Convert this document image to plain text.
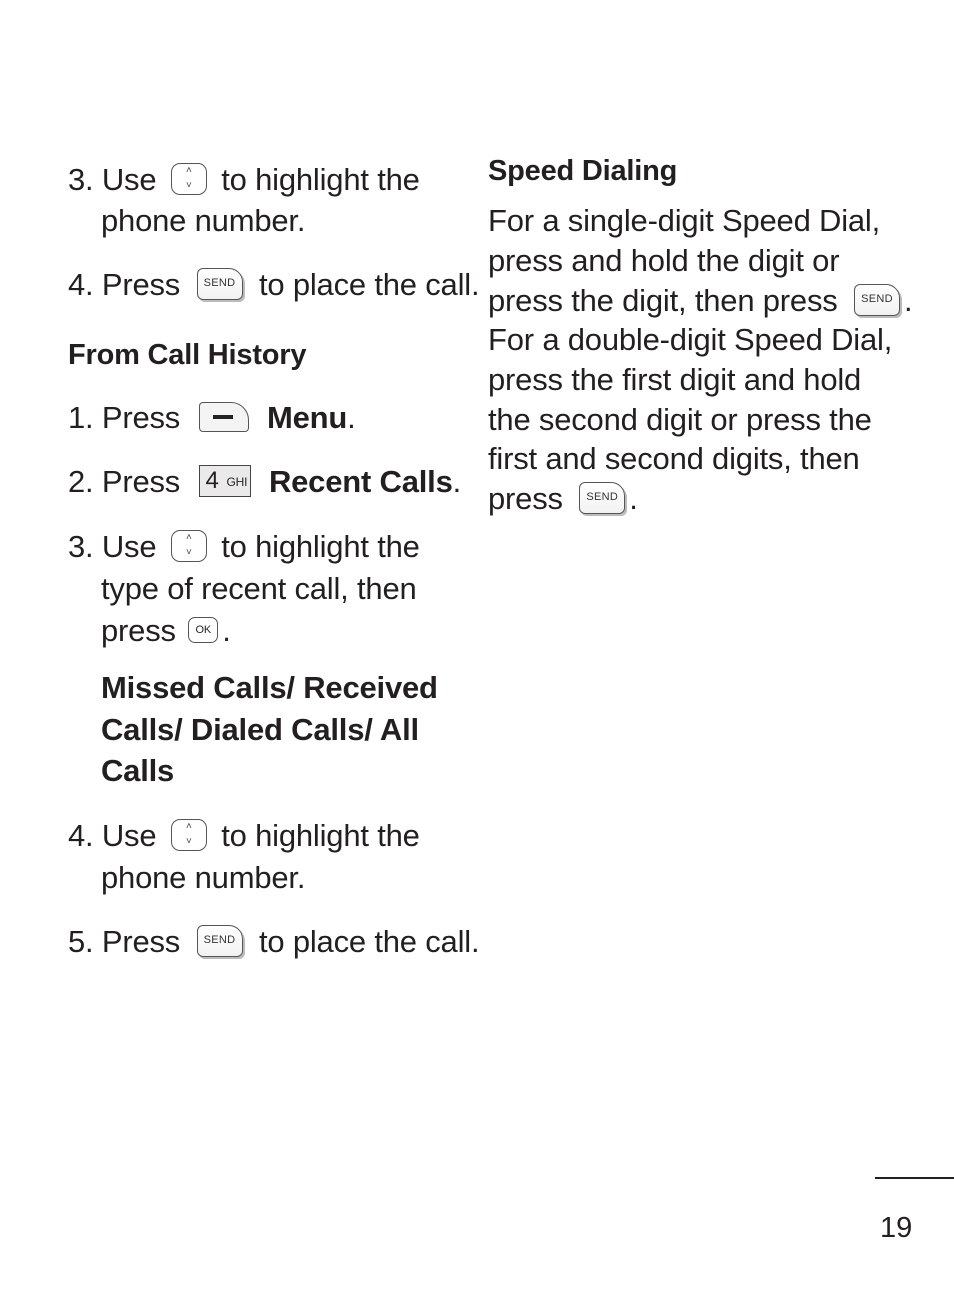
3. Use	˄
˅ to highlight the
phone number.
4. Press	SEND to place the call.
From Call History
1. Press	Menu.
2. Press 4 GHI Recent Calls.
3. Use	˄
˅ to highlight the
type of recent call, then
press	OK .
Missed Calls/ Received
Calls/ Dialed Calls/ All
Calls
4. Use	˄
˅ to highlight the
phone number.
5. Press	SEND to place the call.
Speed Dialing
For a single-digit Speed Dial,
press and hold the digit or
press the digit, then press	SEND .
For a double-digit Speed Dial,
press the first digit and hold
the second digit or press the
first and second digits, then
press	SEND .
19
